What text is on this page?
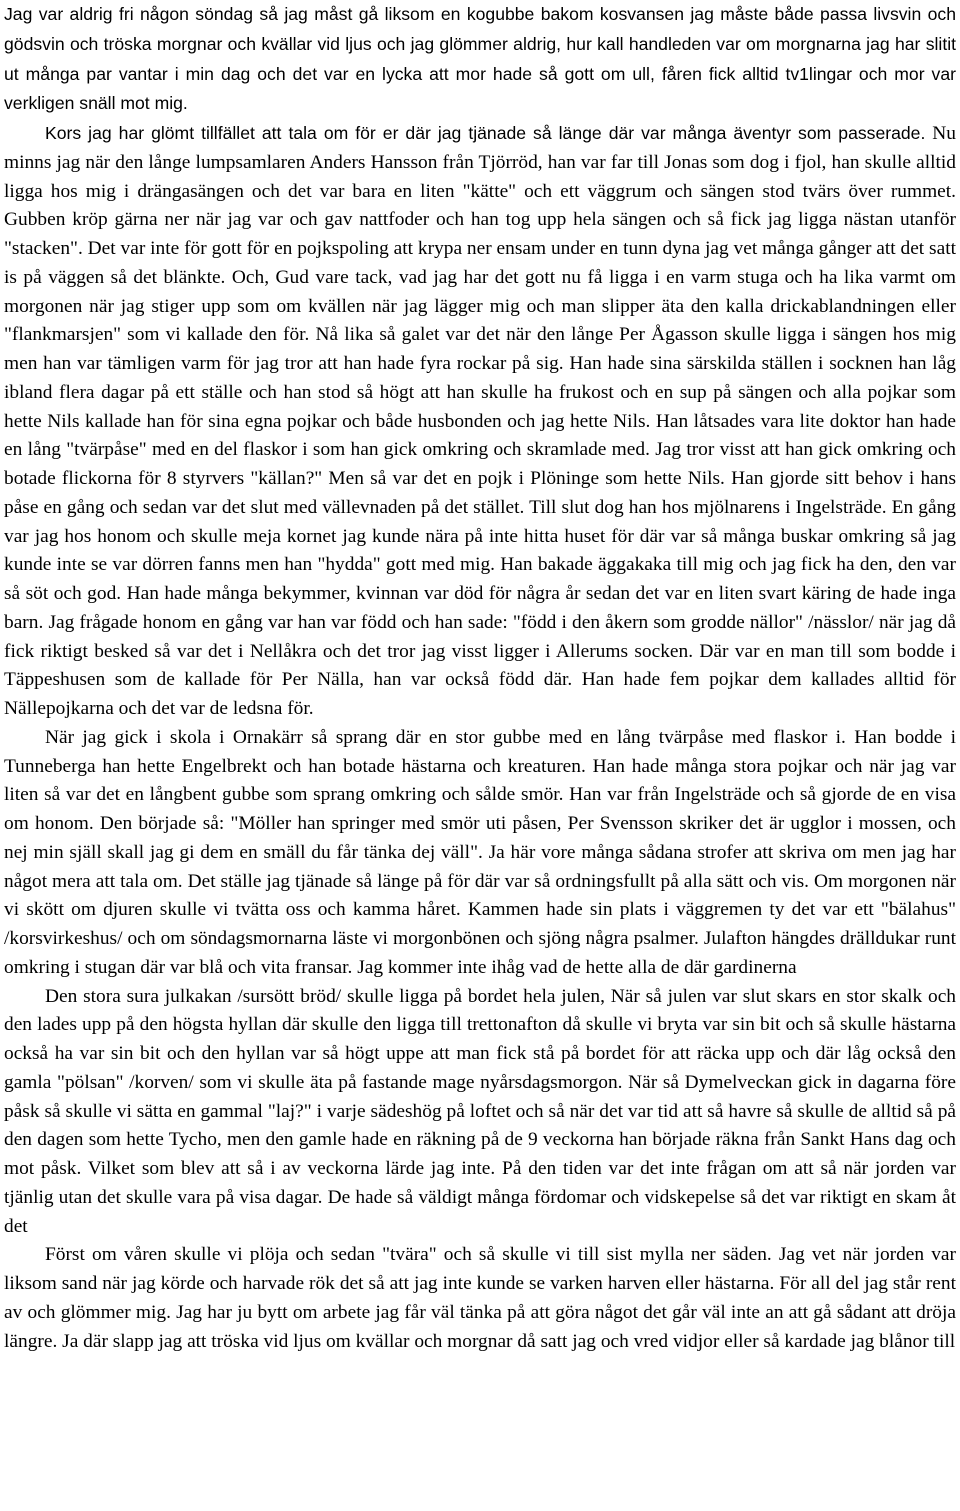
Jag var aldrig fri någon söndag så jag måst gå liksom en kogubbe bakom kosvansen jag måste både passa livsvin och gödsvin och tröska morgnar och kvällar vid ljus och jag glömmer aldrig, hur kall handleden var om morgnarna jag har slitit ut många par vantar i min dag och det var en lycka att mor hade så gott om ull, fåren fick alltid tv1lingar och mor var verkligen snäll mot mig.

Kors jag har glömt tillfället att tala om för er där jag tjänade så länge där var många äventyr som passerade. Nu minns jag när den långe lumpsamlaren Anders Hansson från Tjörröd, han var far till Jonas som dog i fjol, han skulle alltid ligga hos mig i drängasängen och det var bara en liten "kätte" och ett väggrum och sängen stod tvärs över rummet. Gubben kröp gärna ner när jag var och gav nattfoder och han tog upp hela sängen och så fick jag ligga nästan utanför "stacken". Det var inte för gott för en pojkspoling att krypa ner ensam under en tunn dyna jag vet många gånger att det satt is på väggen så det blänkte. Och, Gud vare tack, vad jag har det gott nu få ligga i en varm stuga och ha lika varmt om morgonen när jag stiger upp som om kvällen när jag lägger mig och man slipper äta den kalla drickablandningen eller "flankmarsjen" som vi kallade den för. Nå lika så galet var det när den långe Per Ågasson skulle ligga i sängen hos mig men han var tämligen varm för jag tror att han hade fyra rockar på sig. Han hade sina särskilda ställen i socknen han låg ibland flera dagar på ett ställe och han stod så högt att han skulle ha frukost och en sup på sängen och alla pojkar som hette Nils kallade han för sina egna pojkar och både husbonden och jag hette Nils. Han låtsades vara lite doktor han hade en lång "tvärpåse" med en del flaskor i som han gick omkring och skramlade med. Jag tror visst att han gick omkring och botade flickorna för 8 styrvers "källan?" Men så var det en pojk i Plöninge som hette Nils. Han gjorde sitt behov i hans påse en gång och sedan var det slut med vällevnaden på det stället. Till slut dog han hos mjölnarens i Ingelsträde. En gång var jag hos honom och skulle meja kornet jag kunde nära på inte hitta huset för där var så många buskar omkring så jag kunde inte se var dörren fanns men han "hydda" gott med mig. Han bakade äggakaka till mig och jag fick ha den, den var så söt och god. Han hade många bekymmer, kvinnan var död för några år sedan det var en liten svart käring de hade inga barn. Jag frågade honom en gång var han var född och han sade: "född i den åkern som grodde nällor" /nässlor/ när jag då fick riktigt besked så var det i Nellåkra och det tror jag visst ligger i Allerums socken. Där var en man till som bodde i Täppeshusen som de kallade för Per Nälla, han var också född där. Han hade fem pojkar dem kallades alltid för Nällepojkarna och det var de ledsna för.

När jag gick i skola i Ornakärr så sprang där en stor gubbe med en lång tvärpåse med flaskor i. Han bodde i Tunneberga han hette Engelbrekt och han botade hästarna och kreaturen. Han hade många stora pojkar och när jag var liten så var det en långbent gubbe som sprang omkring och sålde smör. Han var från Ingelsträde och så gjorde de en visa om honom. Den började så: "Möller han springer med smör uti påsen, Per Svensson skriker det är ugglor i mossen, och nej min själl skall jag gi dem en smäll du får tänka dej väll". Ja här vore många sådana strofer att skriva om men jag har något mera att tala om. Det ställe jag tjänade så länge på för där var så ordningsfullt på alla sätt och vis. Om morgonen när vi skött om djuren skulle vi tvätta oss och kamma håret. Kammen hade sin plats i väggremen ty det var ett "bälahus" /korsvirkeshus/ och om söndagsmornarna läste vi morgonbönen och sjöng några psalmer. Julafton hängdes drälldukar runt omkring i stugan där var blå och vita fransar. Jag kommer inte ihåg vad de hette alla de där gardinerna

Den stora sura julkakan /sursött bröd/ skulle ligga på bordet hela julen, När så julen var slut skars en stor skalk och den lades upp på den högsta hyllan där skulle den ligga till trettonafton då skulle vi bryta var sin bit och så skulle hästarna också ha var sin bit och den hyllan var så högt uppe att man fick stå på bordet för att räcka upp och där låg också den gamla "pölsan" /korven/ som vi skulle äta på fastande mage nyårsdagsmorgon. När så Dymelveckan gick in dagarna före påsk så skulle vi sätta en gammal "laj?" i varje sädeshög på loftet och så när det var tid att så havre så skulle de alltid så på den dagen som hette Tycho, men den gamle hade en räkning på de 9 veckorna han började räkna från Sankt Hans dag och mot påsk. Vilket som blev att så i av veckorna lärde jag inte. På den tiden var det inte frågan om att så när jorden var tjänlig utan det skulle vara på visa dagar. De hade så väldigt många fördomar och vidskepelse så det var riktigt en skam åt det

Först om våren skulle vi plöja och sedan "tvära" och så skulle vi till sist mylla ner säden. Jag vet när jorden var liksom sand när jag körde och harvade rök det så att jag inte kunde se varken harven eller hästarna. För all del jag står rent av och glömmer mig. Jag har ju bytt om arbete jag får väl tänka på att göra något det går väl inte an att gå sådant att dröja längre. Ja där slapp jag att tröska vid ljus om kvällar och morgnar då satt jag och vred vidjor eller så kardade jag blånor till
